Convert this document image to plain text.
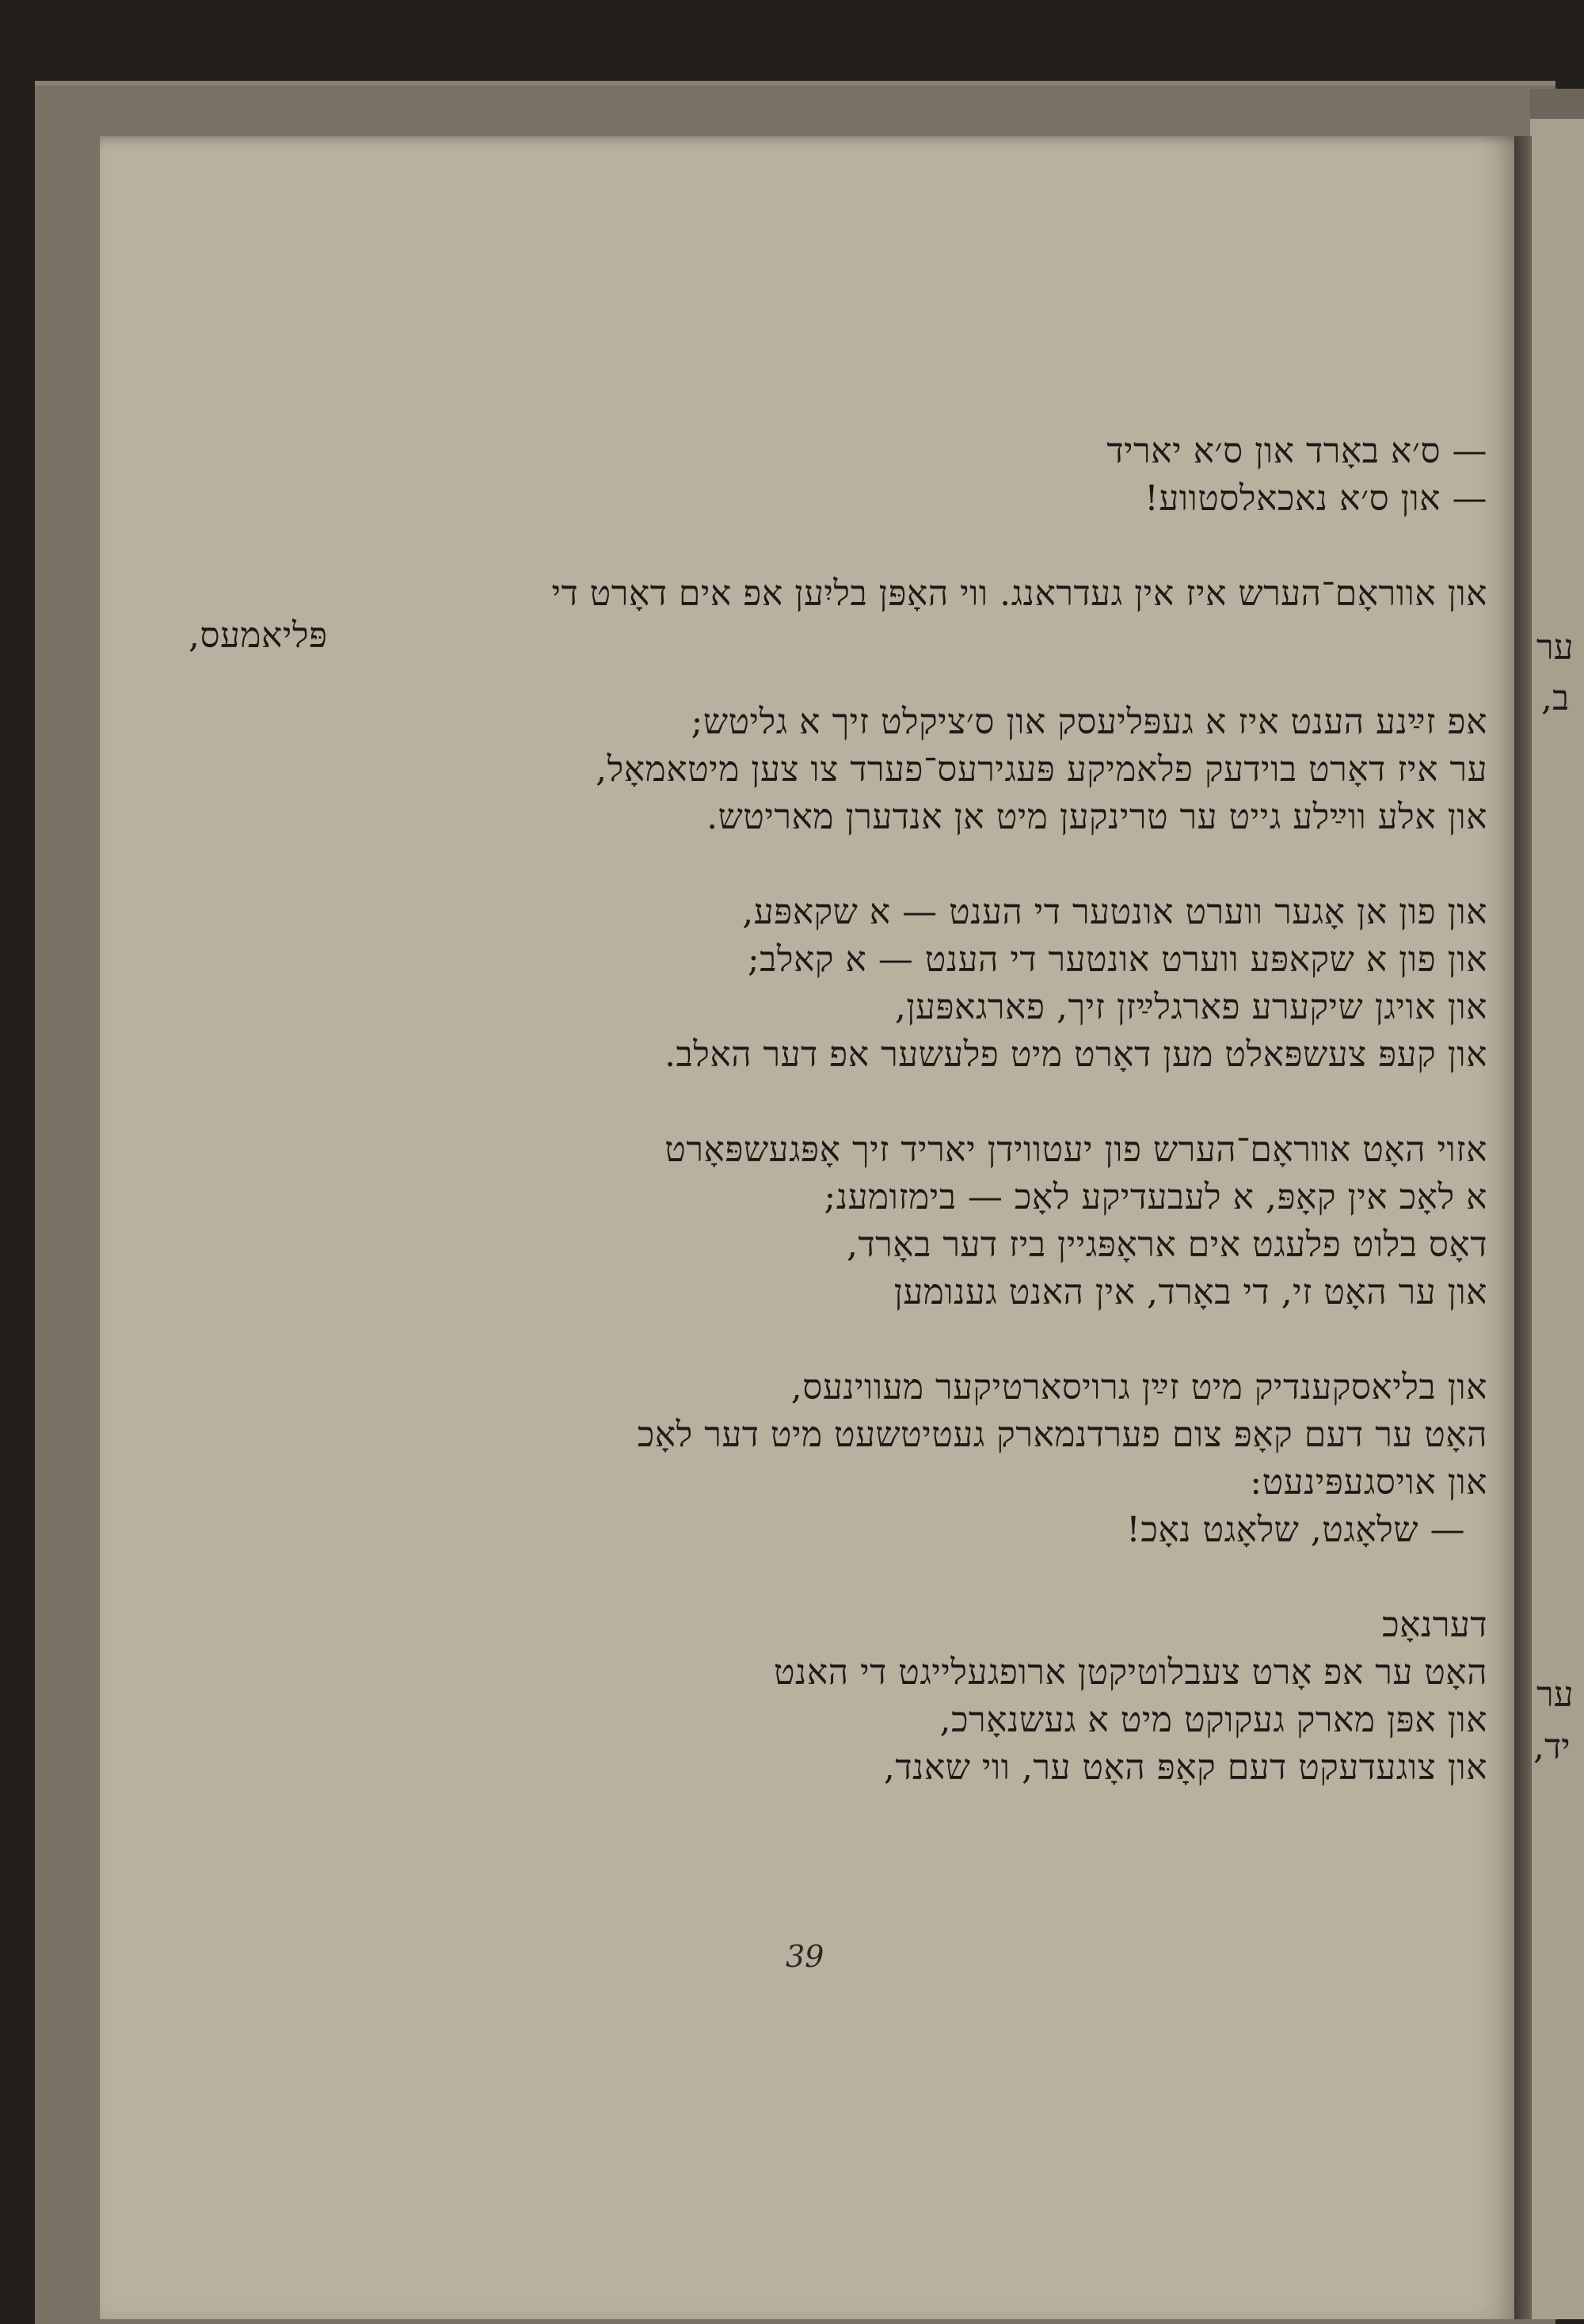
ער
ב,
ער
יד,
— ס׳א באָרד און ס׳א יאריד
— און ס׳א נאכאלסטווע!
און אווראָם־הערש איז אין געדראנג. ווי האָפּן בליִען אפ אים דאָרט די
פּליאמעס,
אפ זײַנע הענט איז א געפּליעסק און ס׳ציקלט זיך א גליטש;
ער איז דאָרט בוידעק פלאמיקע פּעגירעס־פערד צו צען מיטאמאָל,
און אלע ווײַלע גייט ער טרינקען מיט אן אנדערן מאריטש.
און פון אן אָגער ווערט אונטער די הענט — א שקאפּע,
און פון א שקאפּע ווערט אונטער די הענט — א קאלב;
און אויגן שיקערע פארגלײַזן זיך, פארגאפּען,
און קעפּ צעשפּאלט מען דאָרט מיט פלעשער אפ דער האלב.
אזוי האָט אווראָם־הערש פון יעטווידן יאריד זיך אָפּגעשפּאָרט
א לאָכ אין קאָפּ, א לעבעדיקע לאָכ — בימזומענ;
דאָס בלוט פלעגט אים אראָפּגיין ביז דער באָרד,
און ער האָט זי, די באָרד, אין האנט גענומען
און בליאסקענדיק מיט זײַן גרויסארטיקער מעווינעס,
האָט ער דעם קאָפּ צום פערדנמארק געטיטשעט מיט דער לאָכ
און אויסגעפּינעט:
— שלאָגט, שלאָגט נאָכ!
דערנאָכ
האָט ער אפ אָרט צעבלוטיקטן ארופגעלייגט די האנט
און אפּן מארק געקוקט מיט א געשנאָרכ,
און צוגעדעקט דעם קאָפּ האָט ער, ווי שאנד,
39
